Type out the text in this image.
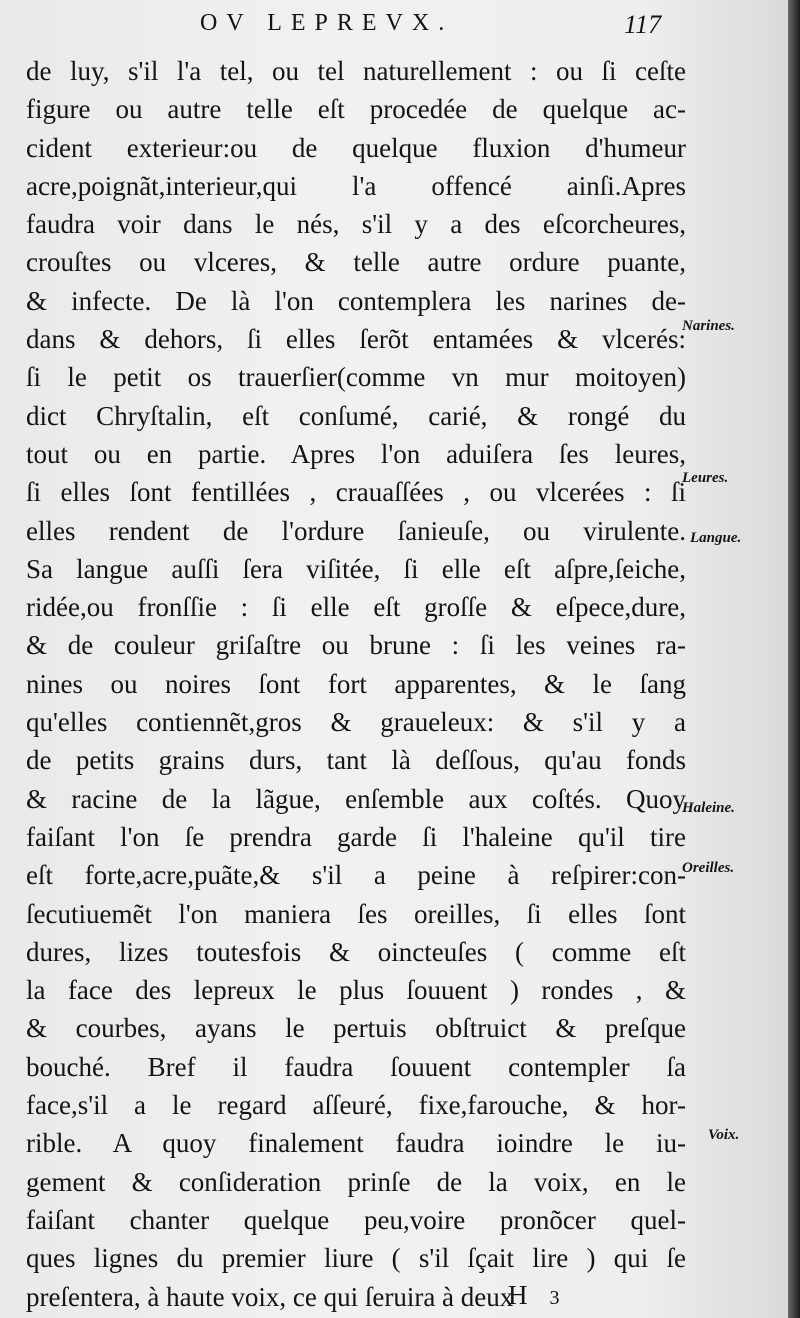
OV LEPREVX.	117
de luy, s'il l'a tel, ou tel naturellement : ou ſi ceſte
figure ou autre telle eſt procedée de quelque ac-
cident exterieur:ou de quelque fluxion d'humeur
acre,poignãt,interieur,qui l'a offencé ainſi.Apres
faudra voir dans le nés, s'il y a des eſcorcheures,
crouſtes ou vlceres, & telle autre ordure puante,
& infecte. De là l'on contemplera les narines de-
dans & dehors, ſi elles ſerõt entamées & vlcerés:
ſi le petit os trauerſier(comme vn mur moitoyen)
dict Chryſtalin, eſt conſumé, carié, & rongé du
tout ou en partie. Apres l'on aduiſera ſes leures,
ſi elles ſont fentillées , crauaſſées , ou vlcerées : ſi
elles rendent de l'ordure ſanieuſe, ou virulente.
Sa langue auſſi ſera viſitée, ſi elle eſt aſpre,ſeiche,
ridée,ou fronſſie : ſi elle eſt groſſe & eſpece,dure,
& de couleur griſaſtre ou brune : ſi les veines ra-
nines ou noires ſont fort apparentes, & le ſang
qu'elles contiennẽt,gros & graueleux: & s'il y a
de petits grains durs, tant là deſſous, qu'au fonds
& racine de la lãgue, enſemble aux coſtés. Quoy
faiſant l'on ſe prendra garde ſi l'haleine qu'il tire
eſt forte,acre,puãte,& s'il a peine à reſpirer:con-
ſecutiuemẽt l'on maniera ſes oreilles, ſi elles ſont
dures, lizes toutesfois & oincteuſes ( comme eſt
la face des lepreux le plus ſouuent ) rondes , &
& courbes, ayans le pertuis obſtruict & preſque
bouché. Bref il faudra ſouuent contempler ſa
face,s'il a le regard aſſeuré, fixe,farouche, & hor-
rible. A quoy finalement faudra ioindre le iu-
gement & conſideration prinſe de la voix, en le
faiſant chanter quelque peu,voire pronõcer quel-
ques lignes du premier liure ( s'il ſçait lire ) qui ſe
preſentera, à haute voix, ce qui ſeruira à deux
Narines.
Leures.
Langue.
Haleine.
Oreilles.
Voix.
H 3
